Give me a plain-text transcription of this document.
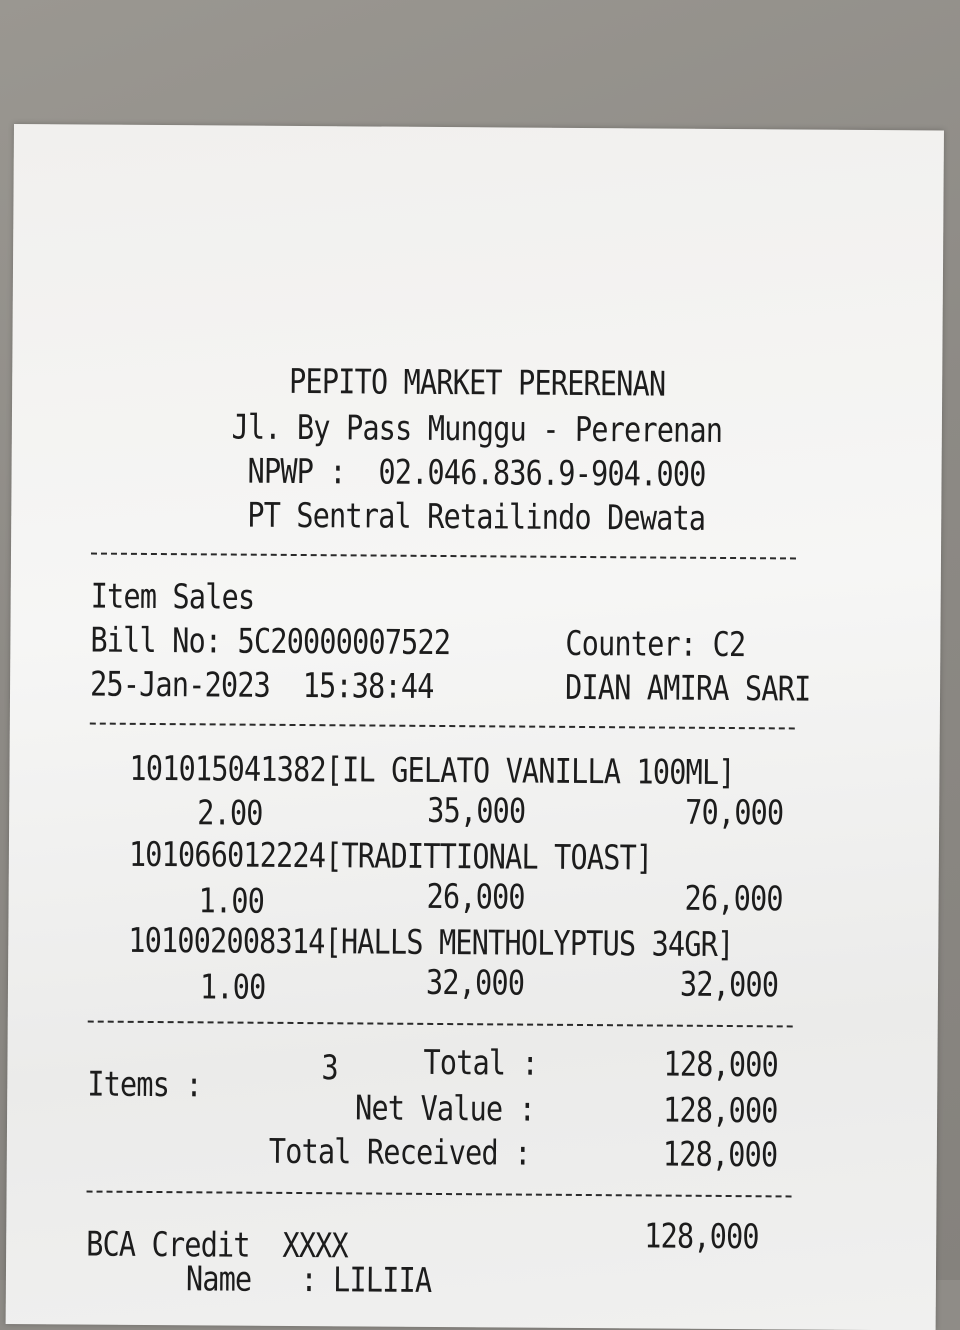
PEPITO MARKET PERERENAN
Jl. By Pass Munggu - Pererenan
NPWP :  02.046.836.9-904.000
PT Sentral Retailindo Dewata
Item Sales
Bill No: 5C20000007522	Counter: C2
25-Jan-2023  15:38:44	DIAN AMIRA SARI
101015041382[IL GELATO VANILLA 100ML]
2.00	35,000	70,000
101066012224[TRADITTIONAL TOAST]
1.00	26,000	26,000
101002008314[HALLS MENTHOLYPTUS 34GR]
1.00	32,000	32,000
Items :	3	Total :	128,000
Net Value :	128,000
Total Received :	128,000
BCA Credit  XXXX	128,000
Name   : LILIIA
